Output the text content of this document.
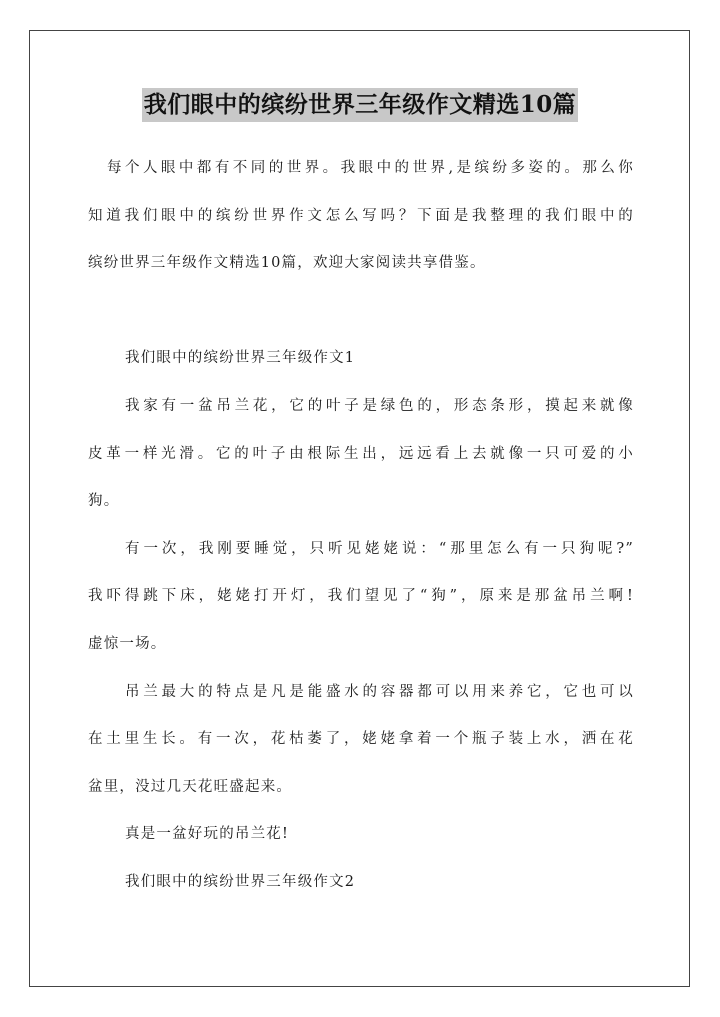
我们眼中的缤纷世界三年级作文精选10篇
每个人眼中都有不同的世界。我眼中的世界,是缤纷多姿的。那么你
知道我们眼中的缤纷世界作文怎么写吗？下面是我整理的我们眼中的
缤纷世界三年级作文精选10篇，欢迎大家阅读共享借鉴。
我们眼中的缤纷世界三年级作文1
我家有一盆吊兰花，它的叶子是绿色的，形态条形，摸起来就像
皮革一样光滑。它的叶子由根际生出，远远看上去就像一只可爱的小
狗。
有一次，我刚要睡觉，只听见姥姥说：“那里怎么有一只狗呢?”
我吓得跳下床，姥姥打开灯，我们望见了“狗”，原来是那盆吊兰啊!
虚惊一场。
吊兰最大的特点是凡是能盛水的容器都可以用来养它，它也可以
在土里生长。有一次，花枯萎了，姥姥拿着一个瓶子装上水，洒在花
盆里，没过几天花旺盛起来。
真是一盆好玩的吊兰花!
我们眼中的缤纷世界三年级作文2
